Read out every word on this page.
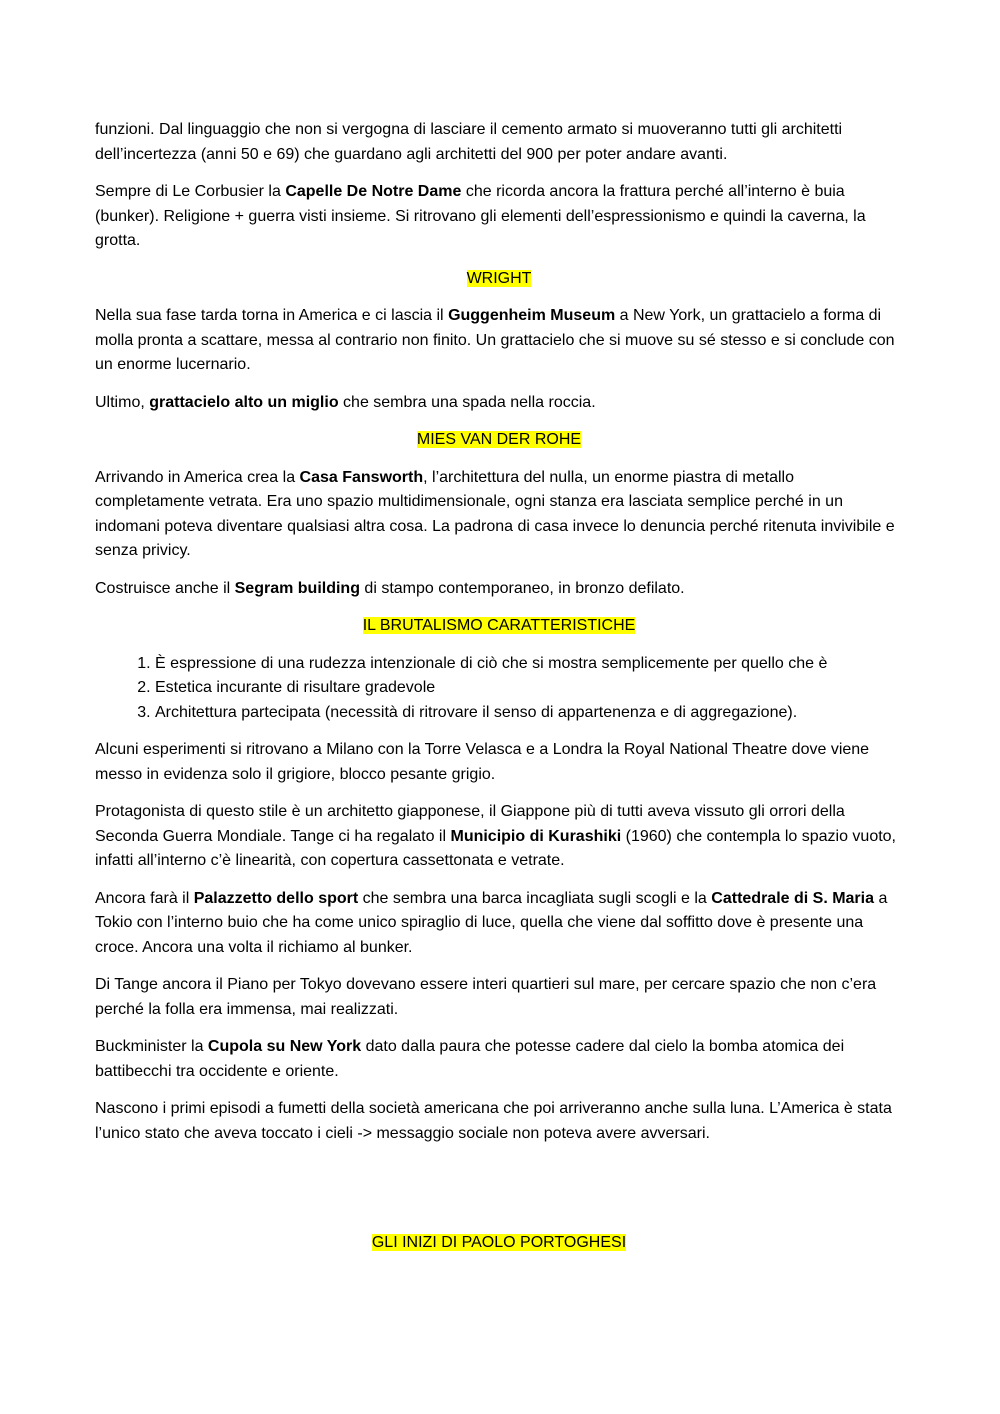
funzioni. Dal linguaggio che non si vergogna di lasciare il cemento armato si muoveranno tutti gli architetti dell’incertezza (anni 50 e 69) che guardano agli architetti del 900 per poter andare avanti.

Sempre di Le Corbusier la Capelle De Notre Dame che ricorda ancora la frattura perché all’interno è buia (bunker). Religione + guerra visti insieme. Si ritrovano gli elementi dell’espressionismo e quindi la caverna, la grotta.

WRIGHT

Nella sua fase tarda torna in America e ci lascia il Guggenheim Museum a New York, un grattacielo a forma di molla pronta a scattare, messa al contrario non finito. Un grattacielo che si muove su sé stesso e si conclude con un enorme lucernario.

Ultimo, grattacielo alto un miglio che sembra una spada nella roccia.

MIES VAN DER ROHE

Arrivando in America crea la Casa Fansworth, l’architettura del nulla, un enorme piastra di metallo completamente vetrata. Era uno spazio multidimensionale, ogni stanza era lasciata semplice perché in un indomani poteva diventare qualsiasi altra cosa. La padrona di casa invece lo denuncia perché ritenuta invivibile e senza privicy.

Costruisce anche il Segram building di stampo contemporaneo, in bronzo defilato.

IL BRUTALISMO CARATTERISTICHE
1. È espressione di una rudezza intenzionale di ciò che si mostra semplicemente per quello che è
2. Estetica incurante di risultare gradevole
3. Architettura partecipata (necessità di ritrovare il senso di appartenenza e di aggregazione).

Alcuni esperimenti si ritrovano a Milano con la Torre Velasca e a Londra la Royal National Theatre dove viene messo in evidenza solo il grigiore, blocco pesante grigio.

Protagonista di questo stile è un architetto giapponese, il Giappone più di tutti aveva vissuto gli orrori della Seconda Guerra Mondiale. Tange ci ha regalato il Municipio di Kurashiki (1960) che contempla lo spazio vuoto, infatti all’interno c’è linearità, con copertura cassettonata e vetrate.

Ancora farà il Palazzetto dello sport che sembra una barca incagliata sugli scogli e la Cattedrale di S. Maria a Tokio con l’interno buio che ha come unico spiraglio di luce, quella che viene dal soffitto dove è presente una croce. Ancora una volta il richiamo al bunker.

Di Tange ancora il Piano per Tokyo dovevano essere interi quartieri sul mare, per cercare spazio che non c’era perché la folla era immensa, mai realizzati.

Buckminister la Cupola su New York dato dalla paura che potesse cadere dal cielo la bomba atomica dei battibecchi tra occidente e oriente.

Nascono i primi episodi a fumetti della società americana che poi arriveranno anche sulla luna. L’America è stata l’unico stato che aveva toccato i cieli -> messaggio sociale non poteva avere avversari.

GLI INIZI DI PAOLO PORTOGHESI
